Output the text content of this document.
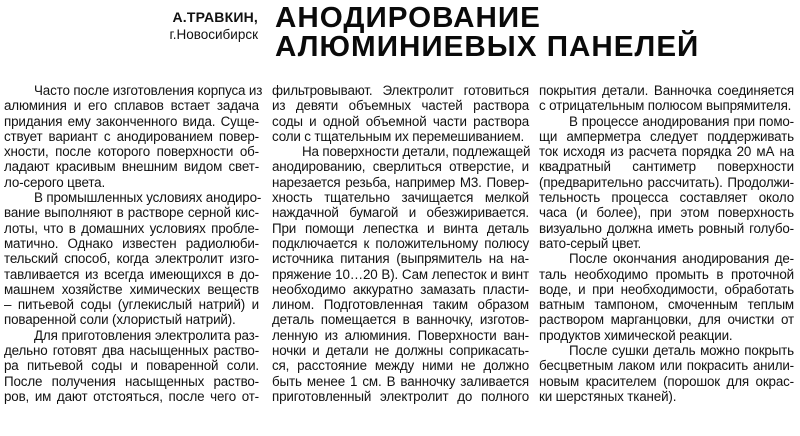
А.ТРАВКИН,
г.Новосибирск
АНОДИРОВАНИЕ
АЛЮМИНИЕВЫХ ПАНЕЛЕЙ
Часто после изготовления корпуса из
алюминия и его сплавов встает задача
придания ему законченного вида. Суще-
ствует вариант с анодированием повер-
хности, после которого поверхности об-
ладают красивым внешним видом свет-
ло-серого цвета.
В промышленных условиях анодиро-
вание выполняют в растворе серной кис-
лоты, что в домашних условиях пробле-
матично. Однако известен радиолюби-
тельский способ, когда электролит изго-
тавливается из всегда имеющихся в до-
машнем хозяйстве химических веществ
– питьевой соды (углекислый натрий) и
поваренной соли (хлористый натрий).
Для приготовления электролита раз-
дельно готовят два насыщенных раство-
ра питьевой соды и поваренной соли.
После получения насыщенных раство-
ров, им дают отстояться, после чего от-
фильтровывают. Электролит готовиться
из девяти объемных частей раствора
соды и одной объемной части раствора
соли с тщательным их перемешиванием.
На поверхности детали, подлежащей
анодированию, сверлиться отверстие, и
нарезается резьба, например М3. Повер-
хность тщательно зачищается мелкой
наждачной бумагой и обезжиривается.
При помощи лепестка и винта деталь
подключается к положительному полюсу
источника питания (выпрямитель на на-
пряжение 10…20 В). Сам лепесток и винт
необходимо аккуратно замазать пласти-
лином. Подготовленная таким образом
деталь помещается в ванночку, изготов-
ленную из алюминия. Поверхности ван-
ночки и детали не должны соприкасать-
ся, расстояние между ними не должно
быть менее 1 см. В ванночку заливается
приготовленный электролит до полного
покрытия детали. Ванночка соединяется
с отрицательным полюсом выпрямителя.
В процессе анодирования при помо-
щи амперметра следует поддерживать
ток исходя из расчета порядка 20 мА на
квадратный сантиметр поверхности
(предварительно рассчитать). Продолжи-
тельность процесса составляет около
часа (и более), при этом поверхность
визуально должна иметь ровный голубо-
вато-серый цвет.
После окончания анодирования де-
таль необходимо промыть в проточной
воде, и при необходимости, обработать
ватным тампоном, смоченным теплым
раствором марганцовки, для очистки от
продуктов химической реакции.
После сушки деталь можно покрыть
бесцветным лаком или покрасить анили-
новым красителем (порошок для окрас-
ки шерстяных тканей).
